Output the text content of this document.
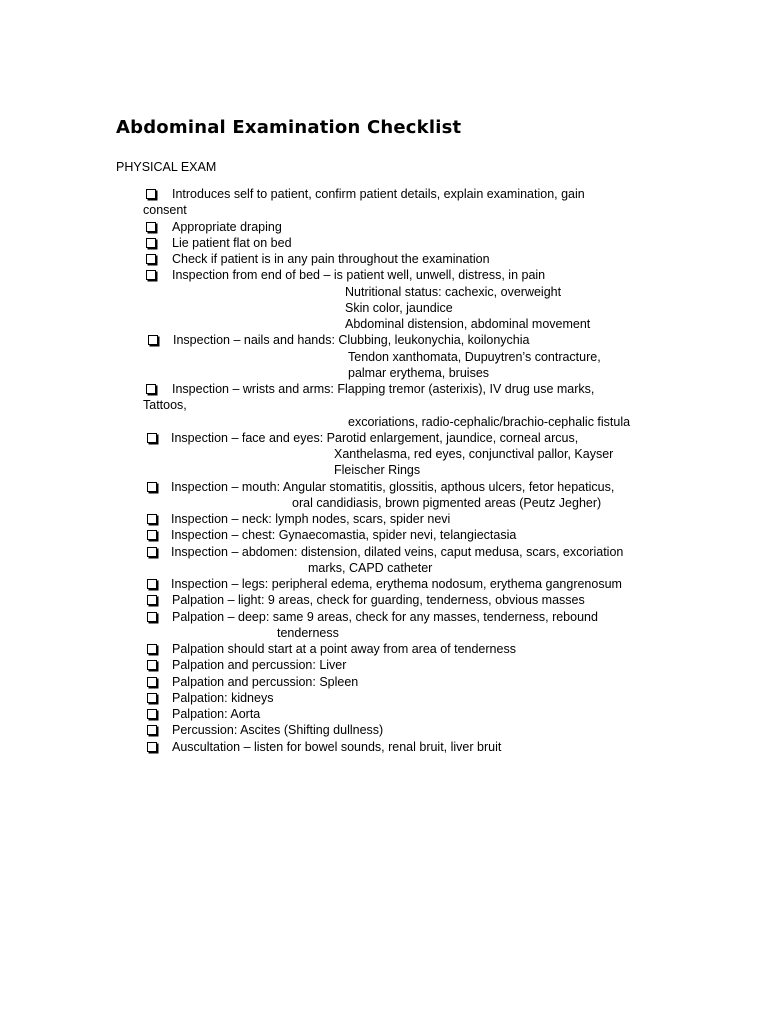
Abdominal Examination Checklist
PHYSICAL EXAM
Introduces self to patient, confirm patient details, explain examination, gain
consent
Appropriate draping
Lie patient flat on bed
Check if patient is in any pain throughout the examination
Inspection from end of bed – is patient well, unwell, distress, in pain
Nutritional status: cachexic, overweight
Skin color, jaundice
Abdominal distension, abdominal movement
Inspection – nails and hands: Clubbing, leukonychia, koilonychia
Tendon xanthomata, Dupuytren’s contracture,
palmar erythema, bruises
Inspection – wrists and arms: Flapping tremor (asterixis), IV drug use marks,
Tattoos,
excoriations, radio-cephalic/brachio-cephalic fistula
Inspection – face and eyes: Parotid enlargement, jaundice, corneal arcus,
Xanthelasma, red eyes, conjunctival pallor, Kayser
Fleischer Rings
Inspection – mouth: Angular stomatitis, glossitis, apthous ulcers, fetor hepaticus,
oral candidiasis, brown pigmented areas (Peutz Jegher)
Inspection – neck: lymph nodes, scars, spider nevi
Inspection – chest: Gynaecomastia, spider nevi, telangiectasia
Inspection – abdomen: distension, dilated veins, caput medusa, scars, excoriation
marks, CAPD catheter
Inspection – legs: peripheral edema, erythema nodosum, erythema gangrenosum
Palpation – light: 9 areas, check for guarding, tenderness, obvious masses
Palpation – deep: same 9 areas, check for any masses, tenderness, rebound
tenderness
Palpation should start at a point away from area of tenderness
Palpation and percussion: Liver
Palpation and percussion: Spleen
Palpation: kidneys
Palpation: Aorta
Percussion: Ascites (Shifting dullness)
Auscultation – listen for bowel sounds, renal bruit, liver bruit
